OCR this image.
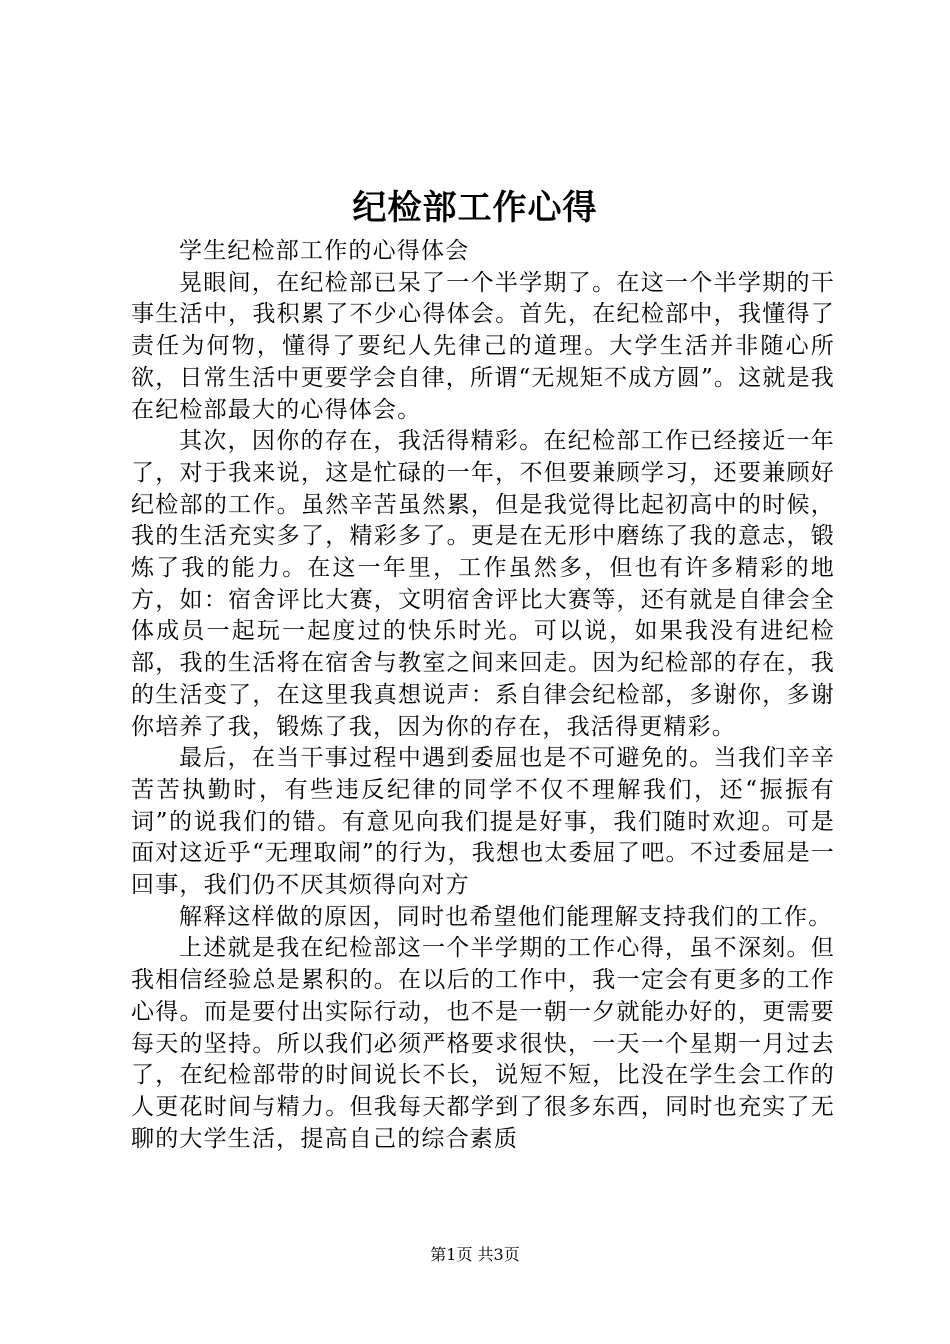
纪检部工作心得

学生纪检部工作的心得体会

晃眼间，在纪检部已呆了一个半学期了。在这一个半学期的干事生活中，我积累了不少心得体会。首先，在纪检部中，我懂得了责任为何物，懂得了要纪人先律己的道理。大学生活并非随心所欲，日常生活中更要学会自律，所谓“无规矩不成方圆”。这就是我在纪检部最大的心得体会。

其次，因你的存在，我活得精彩。在纪检部工作已经接近一年了，对于我来说，这是忙碌的一年，不但要兼顾学习，还要兼顾好纪检部的工作。虽然辛苦虽然累，但是我觉得比起初高中的时候，我的生活充实多了，精彩多了。更是在无形中磨练了我的意志，锻炼了我的能力。在这一年里，工作虽然多，但也有许多精彩的地方，如：宿舍评比大赛，文明宿舍评比大赛等，还有就是自律会全体成员一起玩一起度过的快乐时光。可以说，如果我没有进纪检部，我的生活将在宿舍与教室之间来回走。因为纪检部的存在，我的生活变了，在这里我真想说声：系自律会纪检部，多谢你，多谢你培养了我，锻炼了我，因为你的存在，我活得更精彩。

最后，在当干事过程中遇到委屈也是不可避免的。当我们辛辛苦苦执勤时，有些违反纪律的同学不仅不理解我们，还“振振有词”的说我们的错。有意见向我们提是好事，我们随时欢迎。可是面对这近乎“无理取闹”的行为，我想也太委屈了吧。不过委屈是一回事，我们仍不厌其烦得向对方

解释这样做的原因，同时也希望他们能理解支持我们的工作。

上述就是我在纪检部这一个半学期的工作心得，虽不深刻。但我相信经验总是累积的。在以后的工作中，我一定会有更多的工作心得。而是要付出实际行动，也不是一朝一夕就能办好的，更需要每天的坚持。所以我们必须严格要求很快，一天一个星期一月过去了，在纪检部带的时间说长不长，说短不短，比没在学生会工作的人更花时间与精力。但我每天都学到了很多东西，同时也充实了无聊的大学生活，提高自己的综合素质

第1页 共3页
